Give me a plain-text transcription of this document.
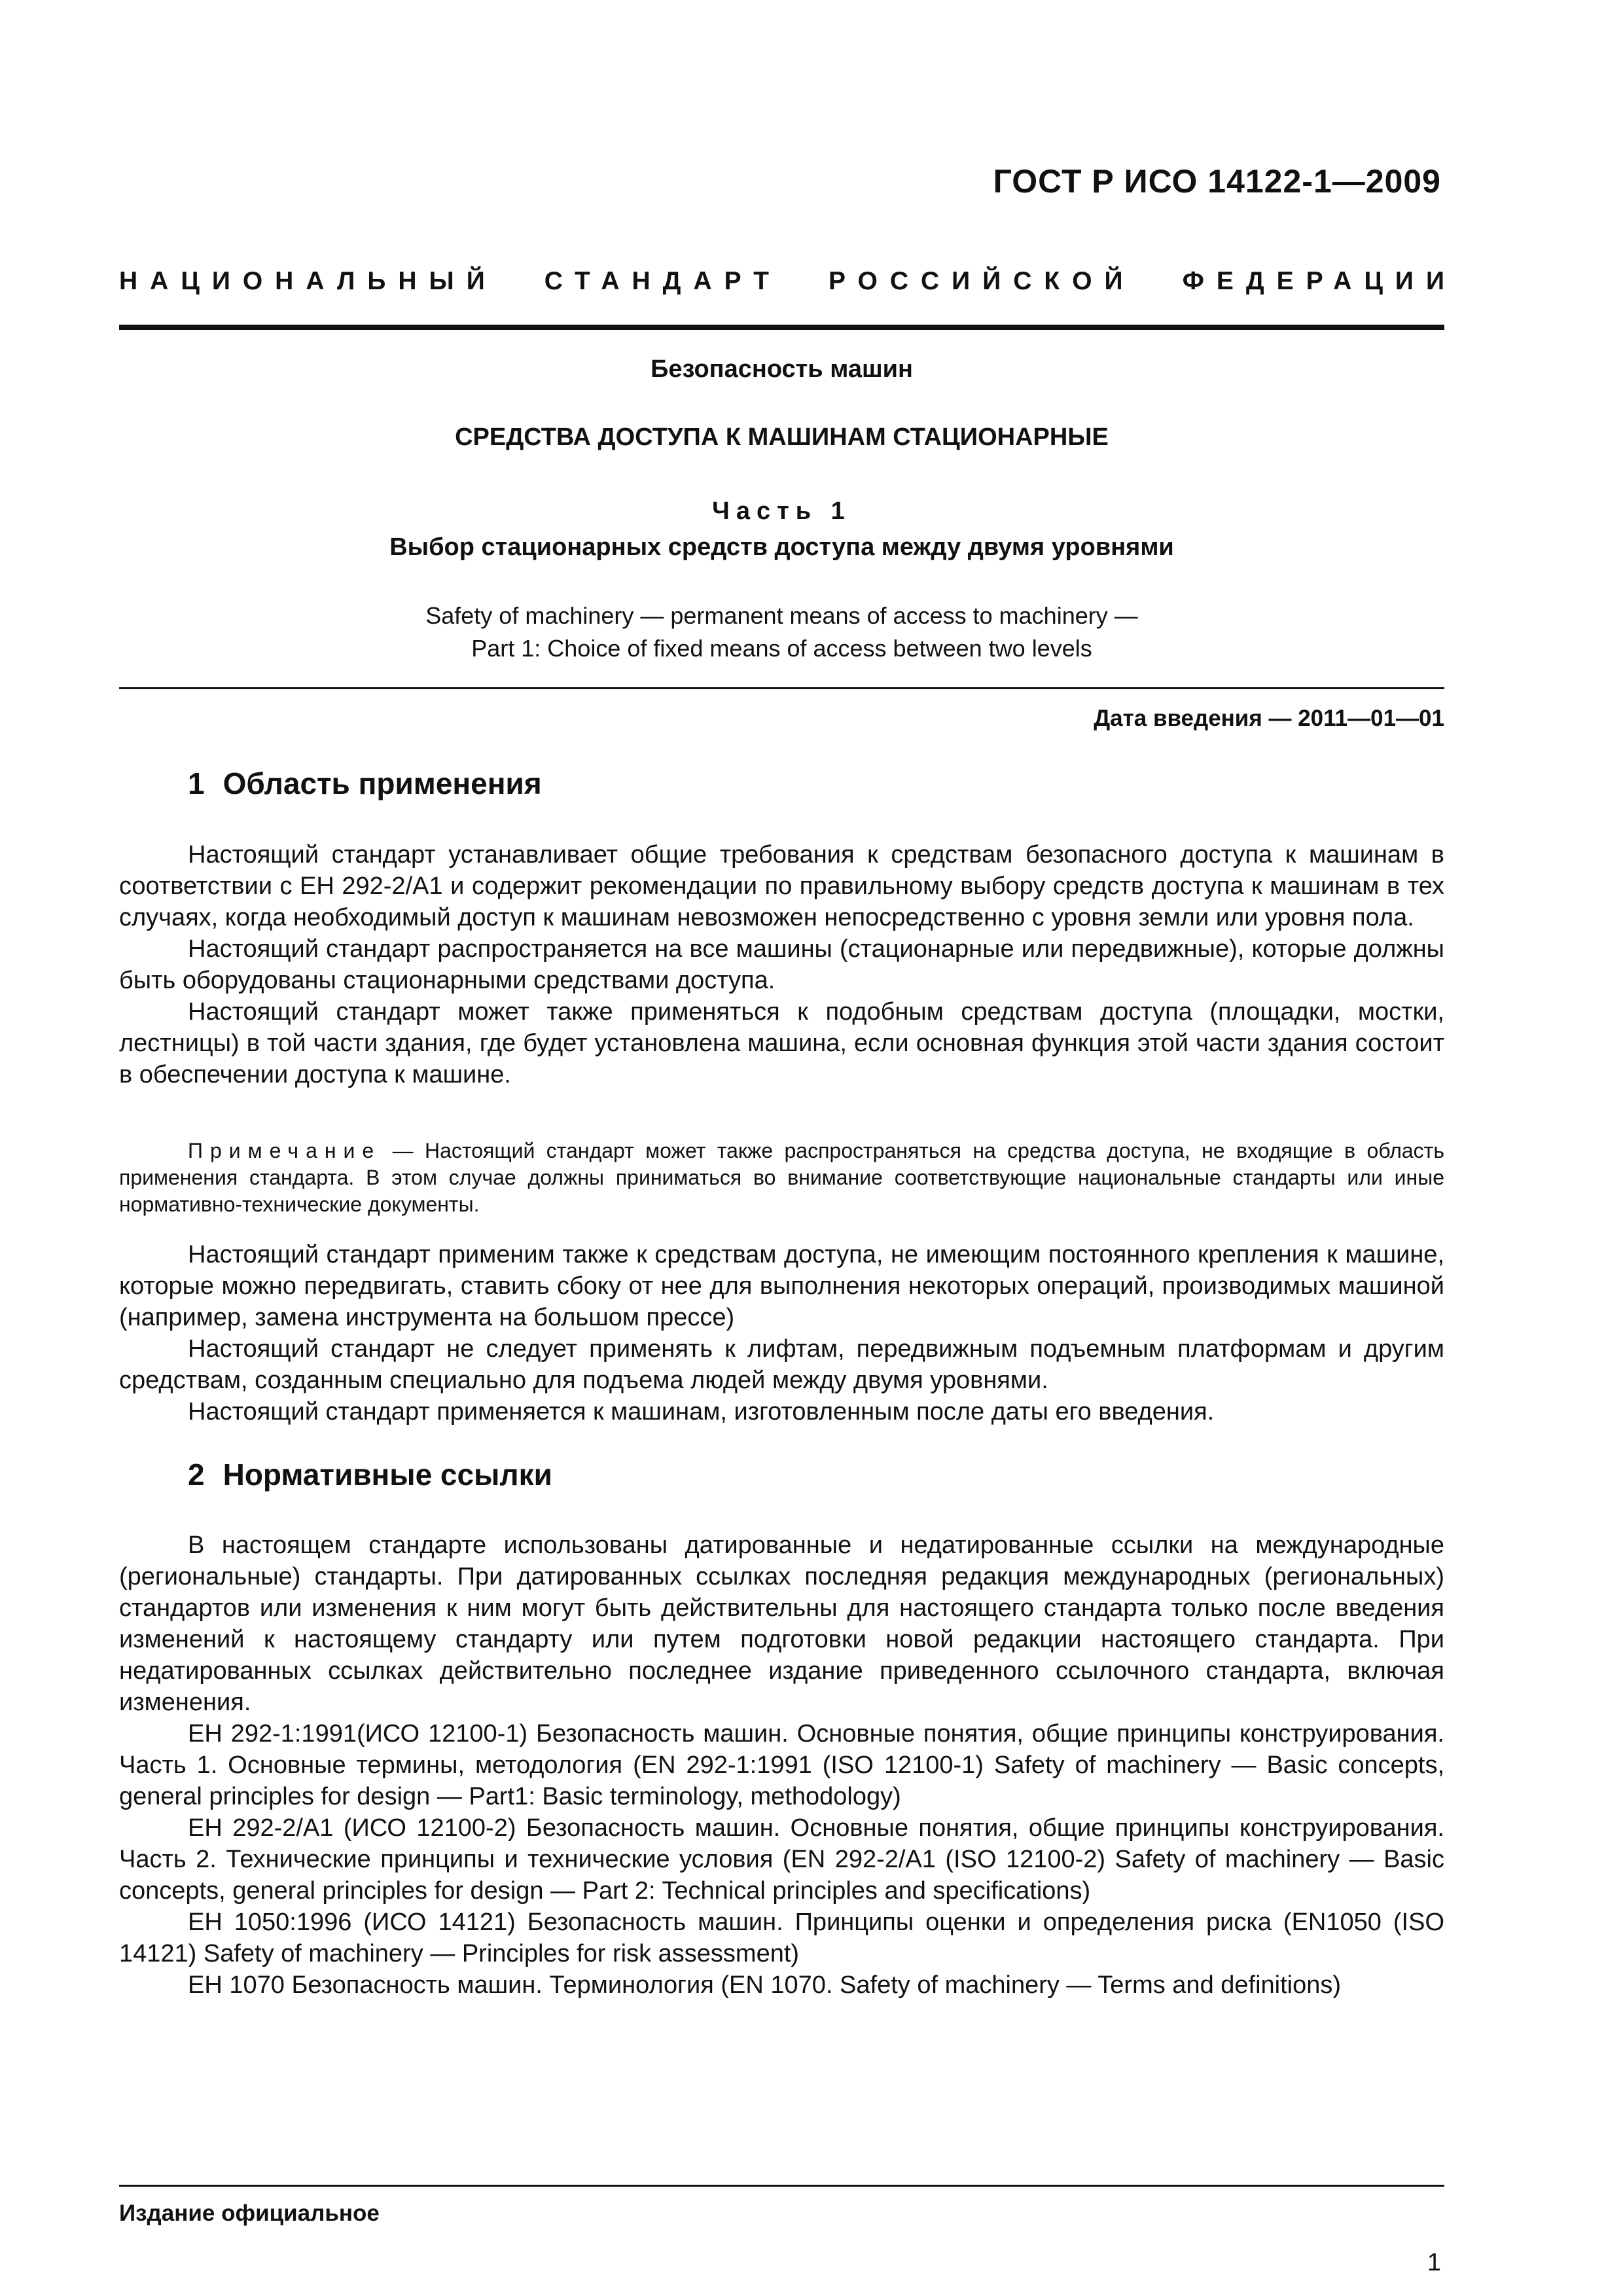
ГОСТ Р ИСО 14122-1—2009
НАЦИОНАЛЬНЫЙ СТАНДАРТ РОССИЙСКОЙ ФЕДЕРАЦИИ
Безопасность машин
СРЕДСТВА ДОСТУПА К МАШИНАМ СТАЦИОНАРНЫЕ
Часть 1
Выбор стационарных средств доступа между двумя уровнями
Safety of machinery — permanent means of access to machinery —
Part 1: Choice of fixed means of access between two levels
Дата введения — 2011—01—01
1 Область применения

Настоящий стандарт устанавливает общие требования к средствам безопасного доступа к машинам в соответствии с ЕН 292-2/А1 и содержит рекомендации по правильному выбору средств доступа к машинам в тех случаях, когда необходимый доступ к машинам невозможен непосредственно с уровня земли или уровня пола.

Настоящий стандарт распространяется на все машины (стационарные или передвижные), которые должны быть оборудованы стационарными средствами доступа.

Настоящий стандарт может также применяться к подобным средствам доступа (площадки, мостки, лестницы) в той части здания, где будет установлена машина, если основная функция этой части здания состоит в обеспечении доступа к машине.

Примечание — Настоящий стандарт может также распространяться на средства доступа, не входящие в область применения стандарта. В этом случае должны приниматься во внимание соответствующие национальные стандарты или иные нормативно-технические документы.

Настоящий стандарт применим также к средствам доступа, не имеющим постоянного крепления к машине, которые можно передвигать, ставить сбоку от нее для выполнения некоторых операций, производимых машиной (например, замена инструмента на большом прессе)

Настоящий стандарт не следует применять к лифтам, передвижным подъемным платформам и другим средствам, созданным специально для подъема людей между двумя уровнями.

Настоящий стандарт применяется к машинам, изготовленным после даты его введения.

2 Нормативные ссылки

В настоящем стандарте использованы датированные и недатированные ссылки на международные (региональные) стандарты. При датированных ссылках последняя редакция международных (региональных) стандартов или изменения к ним могут быть действительны для настоящего стандарта только после введения изменений к настоящему стандарту или путем подготовки новой редакции настоящего стандарта. При недатированных ссылках действительно последнее издание приведенного ссылочного стандарта, включая изменения.

ЕН 292-1:1991(ИСО 12100-1) Безопасность машин. Основные понятия, общие принципы конструирования. Часть 1. Основные термины, методология (EN 292-1:1991 (ISO 12100-1) Safety of machinery — Basic concepts, general principles for design — Part1: Basic terminology, methodology)

ЕН 292-2/А1 (ИСО 12100-2) Безопасность машин. Основные понятия, общие принципы конструирования. Часть 2. Технические принципы и технические условия (EN 292-2/A1 (ISO 12100-2) Safety of machinery — Basic concepts, general principles for design — Part 2: Technical principles and specifications)

ЕН 1050:1996 (ИСО 14121) Безопасность машин. Принципы оценки и определения риска (EN1050 (ISO 14121) Safety of machinery — Principles for risk assessment)

ЕН 1070 Безопасность машин. Терминология (EN 1070. Safety of machinery — Terms and definitions)

Издание официальное
1
